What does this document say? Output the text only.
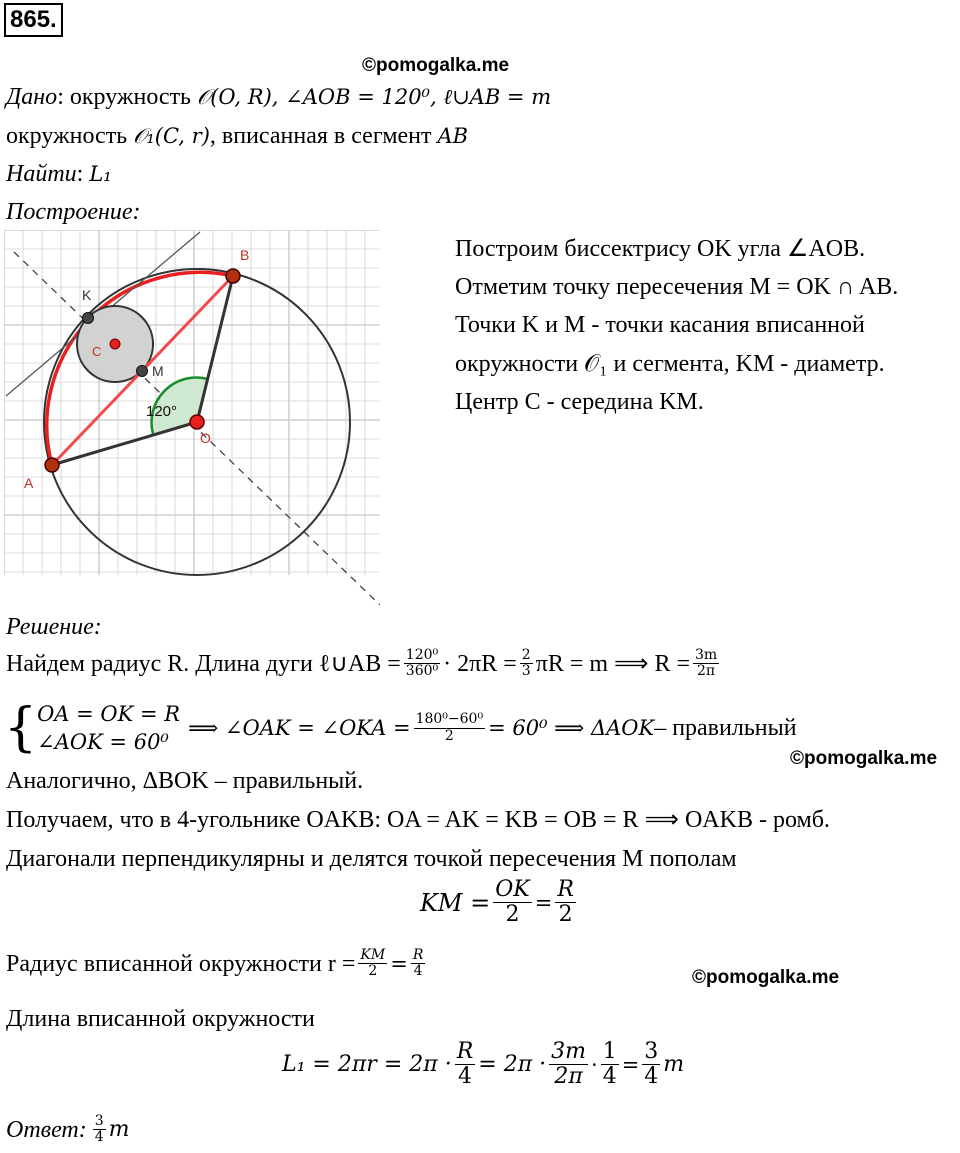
865.
©pomogalka.me
Дано: окружность 𝒪(O, R), ∠AOB = 120⁰, ℓ∪AB = m
окружность 𝒪₁(C, r), вписанная в сегмент AB
Найти: L₁
Построение:
A
B
O
C
K
M
120°
Построим биссектрису OK угла ∠AOB.
Отметим точку пересечения M = OK ∩ AB.
Точки K и M - точки касания вписанной
окружности 𝒪₁ и сегмента, KM - диаметр.
Центр C - середина KM.
Решение:
Найдем радиус R. Длина дуги ℓ∪AB = $\frac{\text{120⁰}}{\text{360⁰}} \cdot 2\pi R = \frac{2}{3}$ πR = m ⟹ $R = \frac{3m}{2\pi}$
{ OA = OK = R
∠AOK = 60⁰
⟹ ∠OAK = ∠OKA = $\frac{\text{180⁰−60⁰}}{2} = 60^0$ ⟹ ΔAOK – правильный
©pomogalka.me
Аналогично, ΔBOK – правильный.
Получаем, что в 4-угольнике OAKB: OA = AK = KB = OB = R ⟹ OAKB - ромб.
Диагонали перпендикулярны и делятся точкой пересечения M пополам
KM = $\frac{OK}{2} = \frac{R}{2}$
Радиус вписанной окружности $r = \frac{KM}{2} = \frac{R}{4}$	©pomogalka.me
Длина вписанной окружности
$L_1 = 2\pi r = 2\pi \cdot \frac{R}{4} = 2\pi \cdot \frac{3m}{2\pi} \cdot \frac{1}{4} = \frac{3}{4}$ m
Ответ : $\frac{3}{4}$ m
